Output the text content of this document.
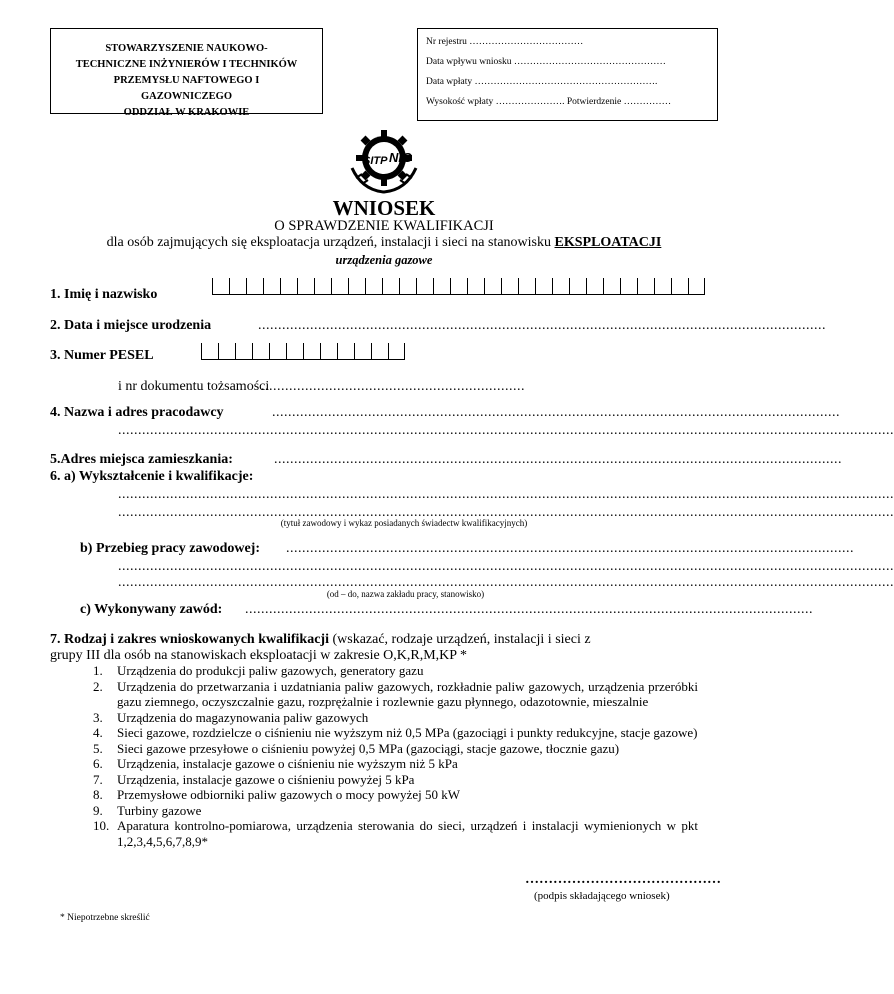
STOWARZYSZENIE NAUKOWO-
TECHNICZNE INŻYNIERÓW I TECHNIKÓW
PRZEMYSŁU NAFTOWEGO I
GAZOWNICZEGO
ODDZIAŁ W KRAKOWIE
Nr rejestru ………………………………
Data wpływu wniosku …………………………………………
Data wpłaty ………………………………………………….
Wysokość wpłaty …………………. Potwierdzenie ……………
SITP NiG
WNIOSEK
O SPRAWDZENIE KWALIFIKACJI
dla osób zajmujących się eksploatacja urządzeń, instalacji i sieci na stanowisku EKSPLOATACJI
urządzenia gazowe
1. Imię i nazwisko
2. Data i miejsce urodzenia	..............................................................................................................................................
3. Numer PESEL
i nr dokumentu tożsamości
..................................................................
4. Nazwa i adres pracodawcy	..............................................................................................................................................
..................................................................................................................................................................................................
5.Adres miejsca zamieszkania:	..............................................................................................................................................
6. a) Wykształcenie i kwalifikacje:
..................................................................................................................................................................................................
..................................................................................................................................................................................................
(tytuł zawodowy i wykaz posiadanych świadectw kwalifikacyjnych)
b) Przebieg pracy zawodowej: ..............................................................................................................................................
..................................................................................................................................................................................................
..................................................................................................................................................................................................
(od – do, nazwa zakładu pracy, stanowisko)
c) Wykonywany zawód: ..............................................................................................................................................
7. Rodzaj i zakres wnioskowanych kwalifikacji (wskazać, rodzaje urządzeń, instalacji i sieci z
grupy III dla osób na stanowiskach eksploatacji w zakresie O,K,R,M,KP *
1.	Urządzenia do produkcji paliw gazowych, generatory gazu
2.	Urządzenia do przetwarzania i uzdatniania paliw gazowych, rozkładnie paliw gazowych, urządzenia przeróbki gazu ziemnego, oczyszczalnie gazu, rozprężalnie i rozlewnie gazu płynnego, odazotownie, mieszalnie
3.	Urządzenia do magazynowania paliw gazowych
4.	Sieci gazowe, rozdzielcze o ciśnieniu nie wyższym niż 0,5 MPa (gazociągi i punkty redukcyjne, stacje gazowe)
5.	Sieci gazowe przesyłowe o ciśnieniu powyżej 0,5 MPa (gazociągi, stacje gazowe, tłocznie gazu)
6.	Urządzenia, instalacje gazowe o ciśnieniu nie wyższym niż 5 kPa
7.	Urządzenia, instalacje gazowe o ciśnieniu powyżej 5 kPa
8.	Przemysłowe odbiorniki paliw gazowych o mocy powyżej 50 kW
9.	Turbiny gazowe
10. Aparatura kontrolno-pomiarowa, urządzenia sterowania do sieci, urządzeń i instalacji wymienionych w pkt 1,2,3,4,5,6,7,8,9*
……………………………………
(podpis składającego wniosek)
* Niepotrzebne skreślić
